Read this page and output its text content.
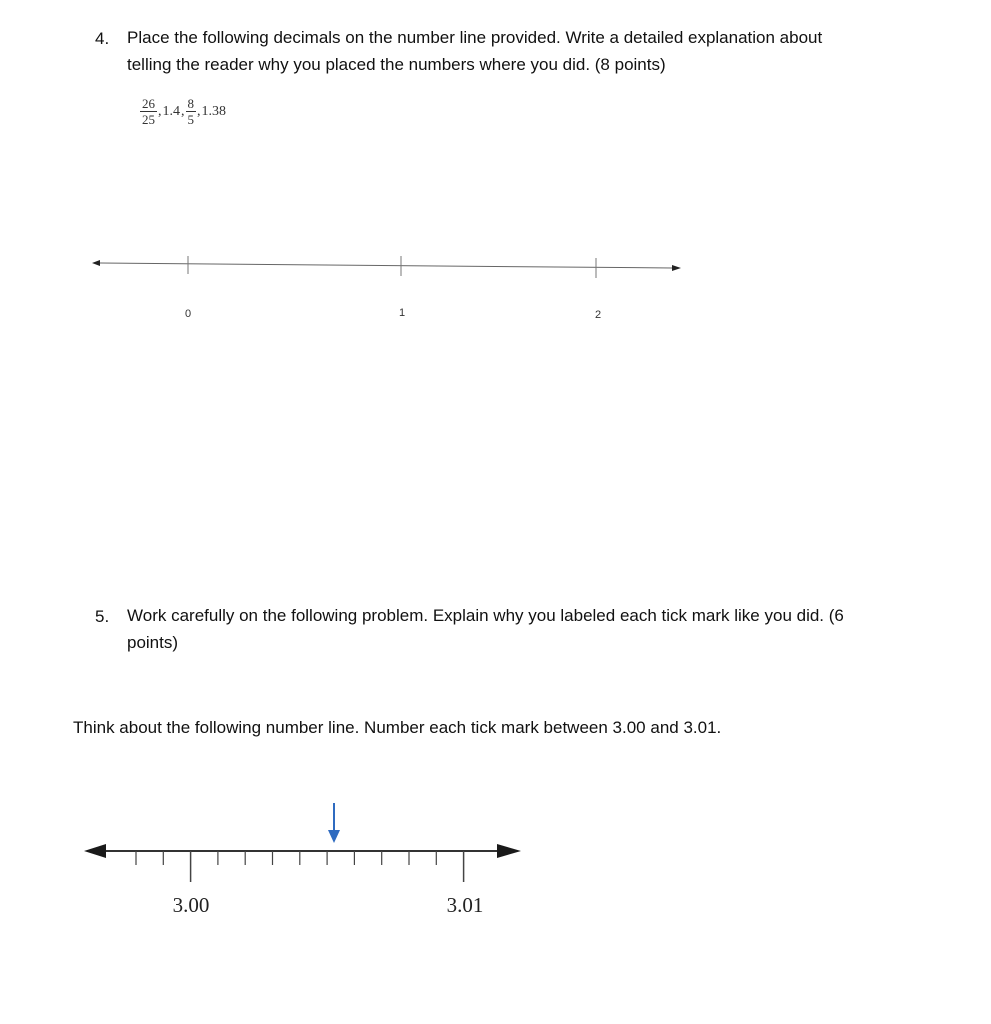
4. Place the following decimals on the number line provided. Write a detailed explanation about
telling the reader why you placed the numbers where you did. (8 points)
$\frac{26}{25}$ , 1.4 , $\frac{8}{5}$ , 1.38
0	1	2
3.00	3.01
5. Work carefully on the following problem. Explain why you labeled each tick mark like you did. (6
points)
Think about the following number line. Number each tick mark between 3.00 and 3.01.
